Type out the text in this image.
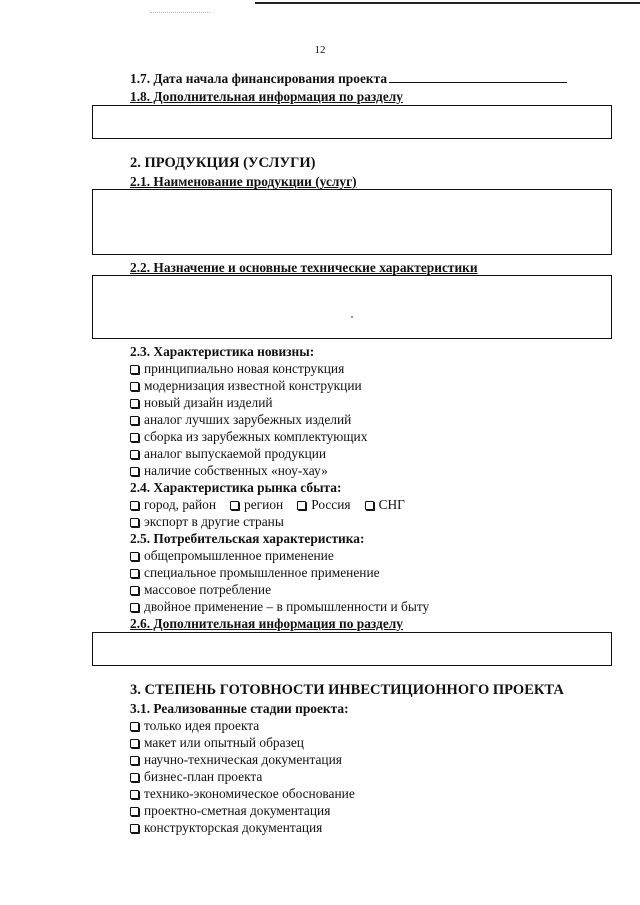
12
1.7. Дата начала финансирования проекта
1.8. Дополнительная информация по разделу
2. ПРОДУКЦИЯ (УСЛУГИ)
2.1. Наименование продукции (услуг)
2.2. Назначение и основные технические характеристики
2.3. Характеристика новизны:
принципиально новая конструкция
модернизация известной конструкции
новый дизайн изделий
аналог лучших зарубежных изделий
сборка из зарубежных комплектующих
аналог выпускаемой продукции
наличие собственных «ноу-хау»
2.4. Характеристика рынка сбыта:
город, район регион Россия СНГ
экспорт в другие страны
2.5. Потребительская характеристика:
общепромышленное применение
специальное промышленное применение
массовое потребление
двойное применение – в промышленности и быту
2.6. Дополнительная информация по разделу
3. СТЕПЕНЬ ГОТОВНОСТИ ИНВЕСТИЦИОННОГО ПРОЕКТА
3.1. Реализованные стадии проекта:
только идея проекта
макет или опытный образец
научно-техническая документация
бизнес-план проекта
технико-экономическое обоснование
проектно-сметная документация
конструкторская документация
